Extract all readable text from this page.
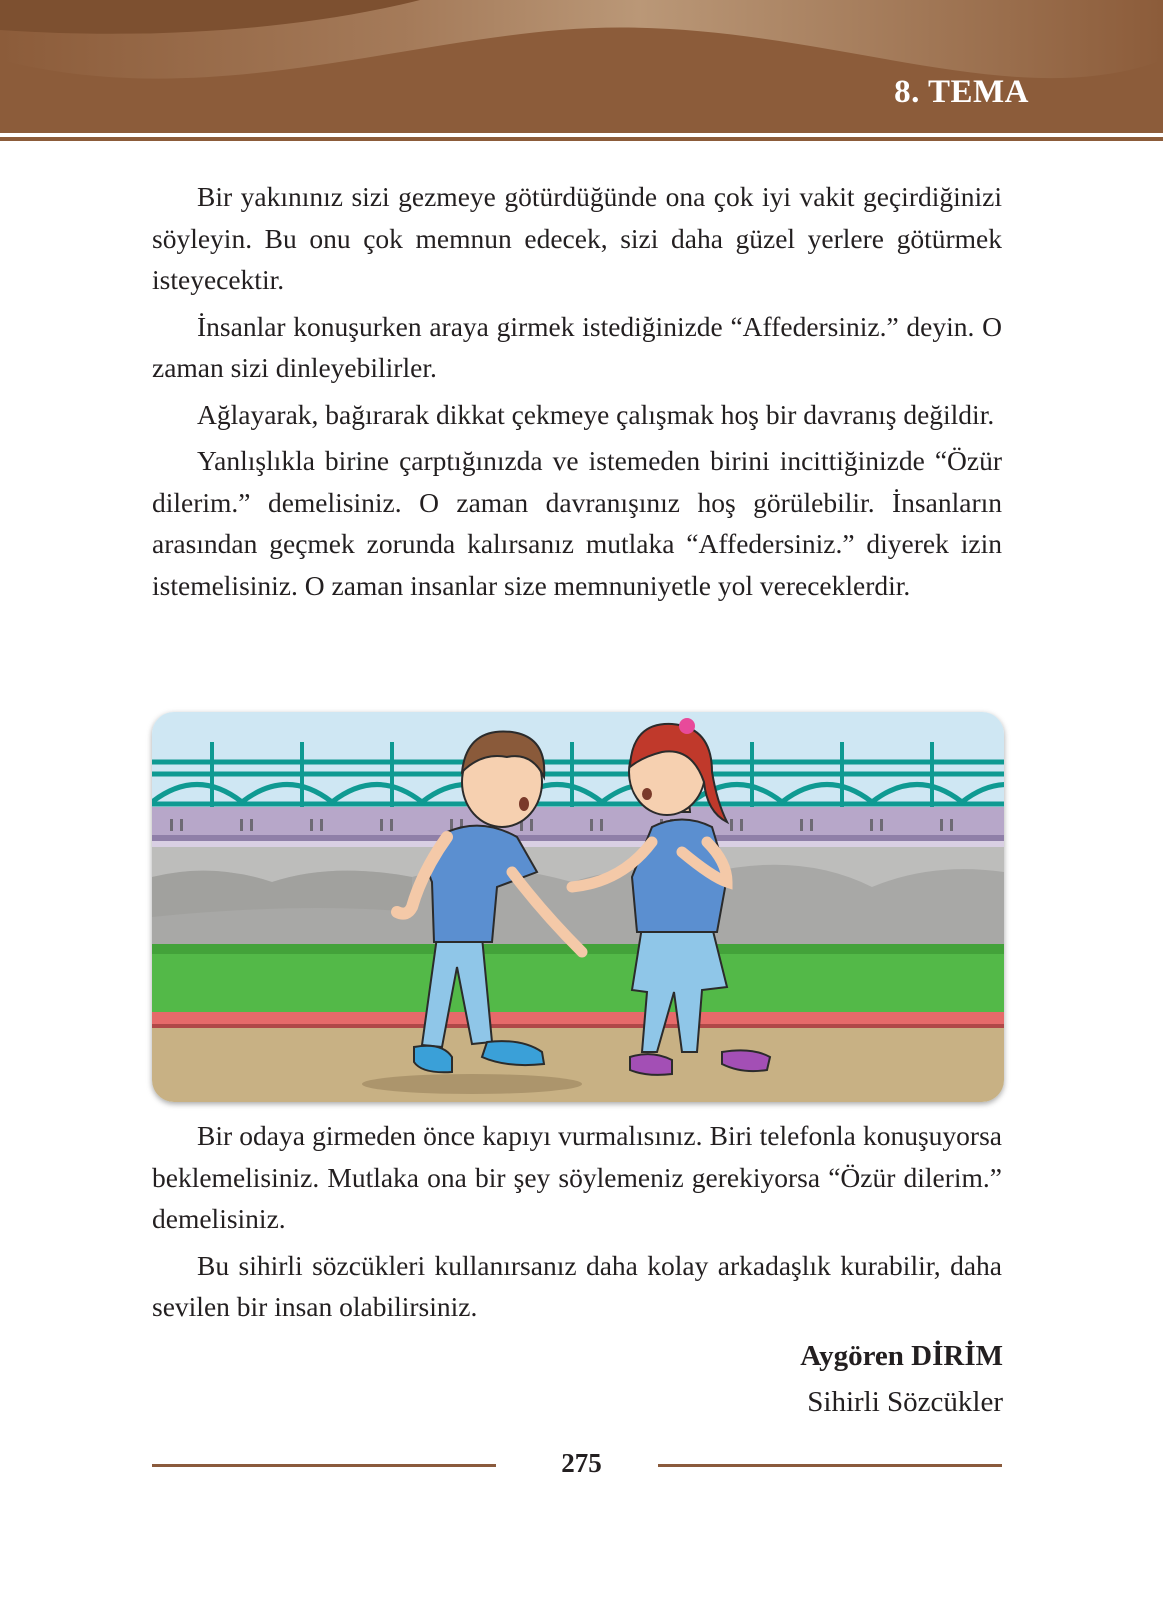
8. TEMA

Bir yakınınız sizi gezmeye götürdüğünde ona çok iyi vakit geçirdiğinizi söyleyin. Bu onu çok memnun edecek, sizi daha güzel yerlere götürmek isteyecektir.

İnsanlar konuşurken araya girmek istediğinizde “Affedersiniz.” deyin. O zaman sizi dinleyebilirler.

Ağlayarak, bağırarak dikkat çekmeye çalışmak hoş bir davranış değildir.

Yanlışlıkla birine çarptığınızda ve istemeden birini incittiğinizde “Özür dilerim.” demelisiniz. O zaman davranışınız hoş görülebilir. İnsanların arasından geçmek zorunda kalırsanız mutlaka “Affedersiniz.” diyerek izin istemelisiniz. O zaman insanlar size memnuniyetle yol vereceklerdir.

Bir odaya girmeden önce kapıyı vurmalısınız. Biri telefonla konuşuyorsa beklemelisiniz. Mutlaka ona bir şey söylemeniz gerekiyorsa “Özür dilerim.” demelisiniz.

Bu sihirli sözcükleri kullanırsanız daha kolay arkadaşlık kurabilir, daha sevilen bir insan olabilirsiniz.

Aygören DİRİM
Sihirli Sözcükler
275
